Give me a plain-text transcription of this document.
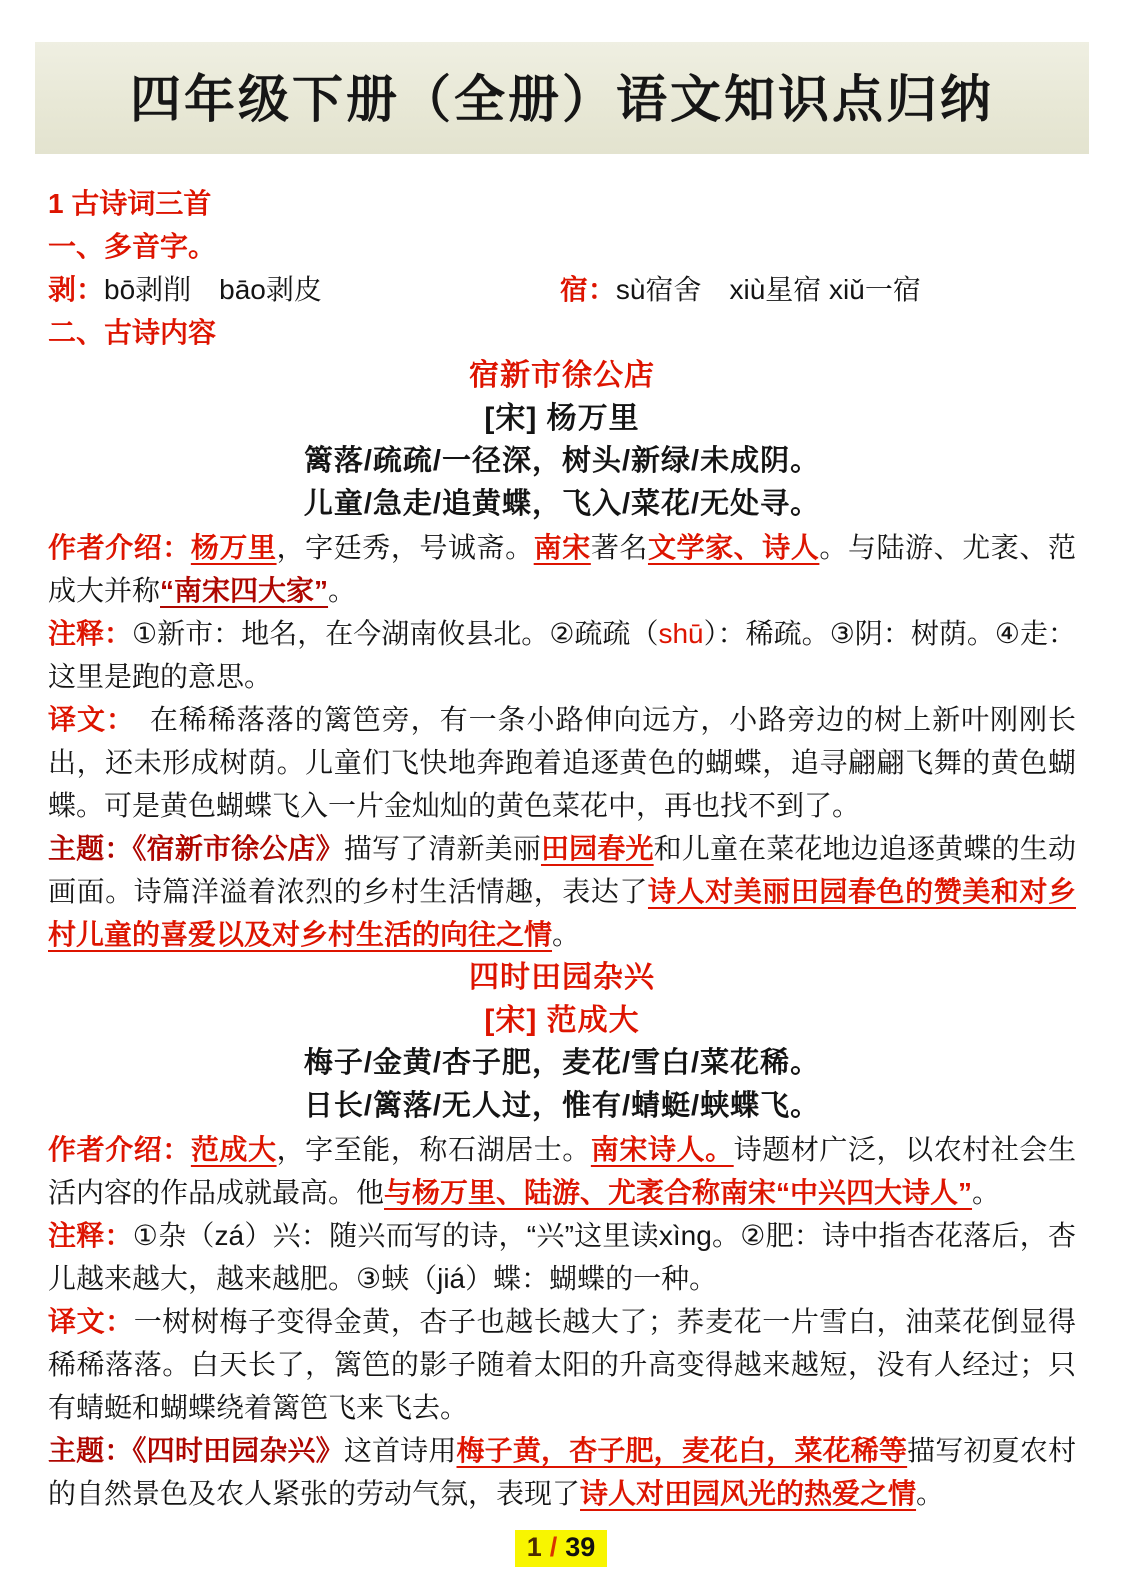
四年级下册（全册）语文知识点归纳

1 古诗词三首

一、多音字。

剥：bō剥削　bāo剥皮	宿：sù宿舍　xiù星宿 xiǔ一宿

二、古诗内容

宿新市徐公店

[宋] 杨万里

篱落/疏疏/一径深，树头/新绿/未成阴。

儿童/急走/追黄蝶，飞入/菜花/无处寻。

作者介绍：杨万里，字廷秀，号诚斋。南宋著名文学家、诗人。与陆游、尤袤、范成大并称“南宋四大家”。

注释：①新市：地名，在今湖南攸县北。②疏疏（shū）：稀疏。③阴：树荫。④走：这里是跑的意思。

译文：　在稀稀落落的篱笆旁，有一条小路伸向远方，小路旁边的树上新叶刚刚长出，还未形成树荫。儿童们飞快地奔跑着追逐黄色的蝴蝶，追寻翩翩飞舞的黄色蝴蝶。可是黄色蝴蝶飞入一片金灿灿的黄色菜花中，再也找不到了。

主题：《宿新市徐公店》描写了清新美丽田园春光和儿童在菜花地边追逐黄蝶的生动画面。诗篇洋溢着浓烈的乡村生活情趣，表达了诗人对美丽田园春色的赞美和对乡村儿童的喜爱以及对乡村生活的向往之情。

四时田园杂兴

[宋] 范成大

梅子/金黄/杏子肥，麦花/雪白/菜花稀。

日长/篱落/无人过，惟有/蜻蜓/蛱蝶飞。

作者介绍：范成大，字至能，称石湖居士。南宋诗人。诗题材广泛，以农村社会生活内容的作品成就最高。他与杨万里、陆游、尤袤合称南宋“中兴四大诗人”。

注释：①杂（zá）兴：随兴而写的诗，“兴”这里读xìng。②肥：诗中指杏花落后，杏儿越来越大，越来越肥。③蛱（jiá）蝶：蝴蝶的一种。

译文：一树树梅子变得金黄，杏子也越长越大了；荞麦花一片雪白，油菜花倒显得稀稀落落。白天长了，篱笆的影子随着太阳的升高变得越来越短，没有人经过；只有蜻蜓和蝴蝶绕着篱笆飞来飞去。

主题：《四时田园杂兴》这首诗用梅子黄，杏子肥，麦花白，菜花稀等描写初夏农村的自然景色及农人紧张的劳动气氛，表现了诗人对田园风光的热爱之情。

1 / 39
